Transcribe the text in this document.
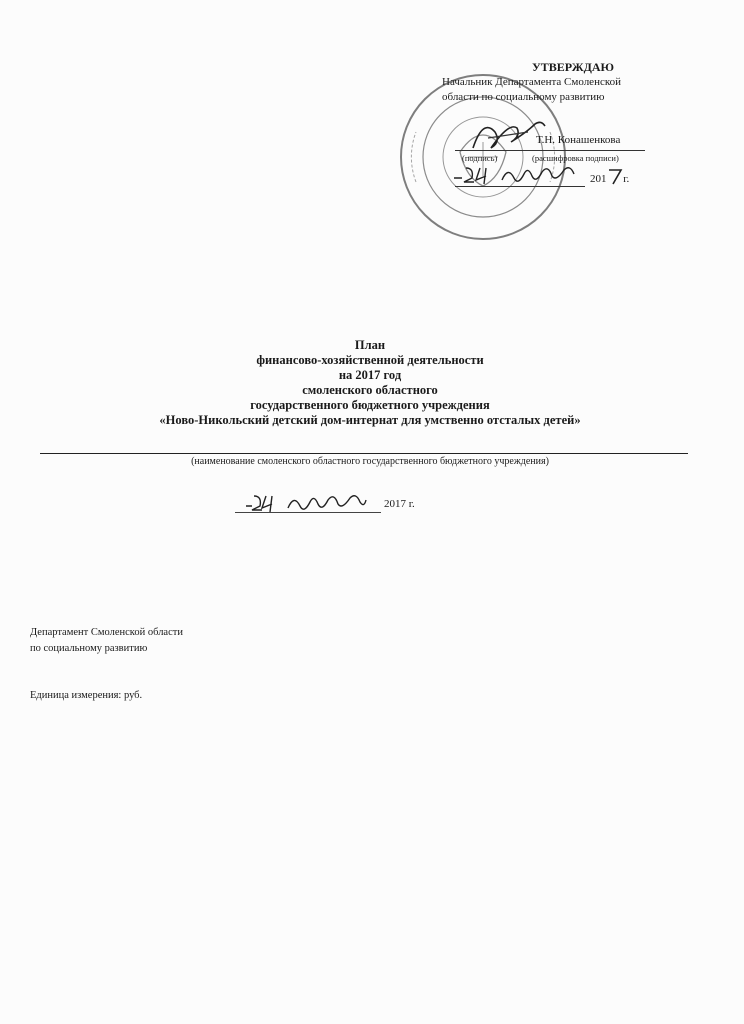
УТВЕРЖДАЮ
Начальник Департамента Смоленской
области по социальному развитию
Т.Н. Конашенкова
(подпись)	(расшифровка подписи)
201 г.
План
финансово-хозяйственной деятельности
на 2017 год
смоленского областного
государственного бюджетного учреждения
«Ново-Никольский детский дом-интернат для умственно отсталых детей»
(наименование смоленского областного государственного бюджетного учреждения)
2017 г.
Департамент Смоленской области
по социальному развитию
Единица измерения: руб.
